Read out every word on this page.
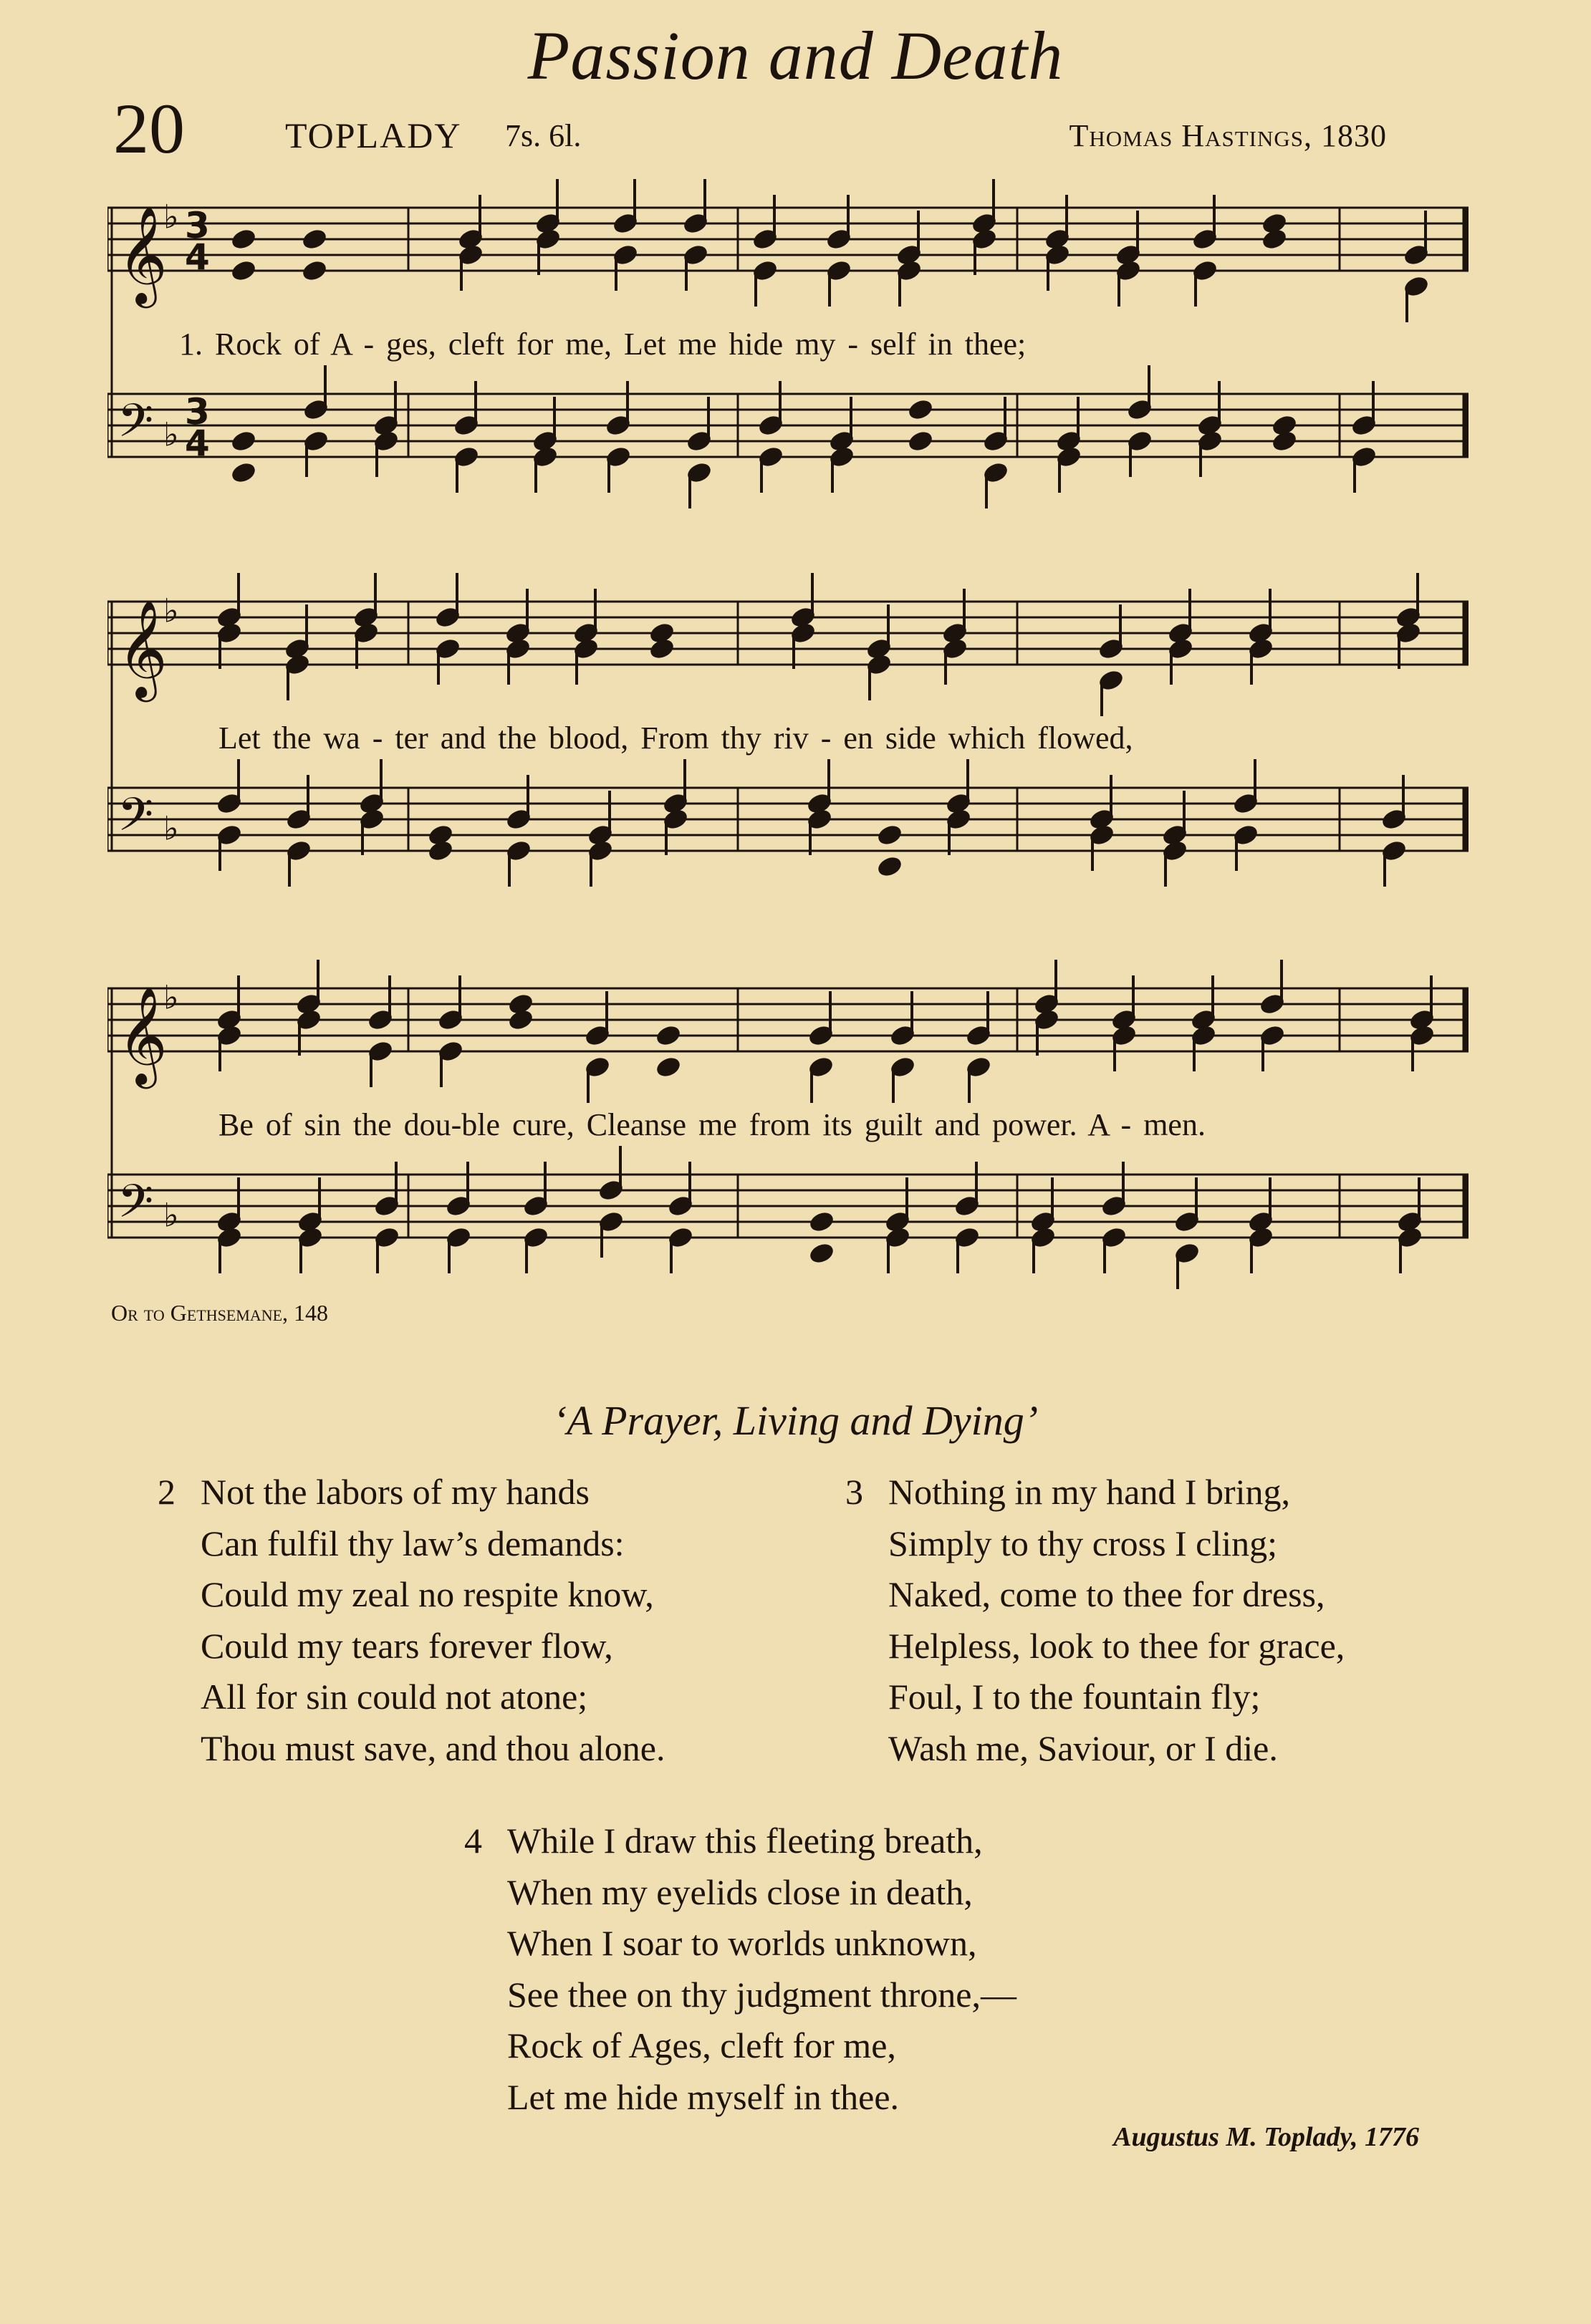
Passion and Death
20	TOPLADY 7s. 6l.	Thomas Hastings, 1830
𝄞
♭ 3
4
𝄢 ♭
3
4
1. Rock of A - ges, cleft for me, Let me hide my - self in thee;
𝄞
♭
𝄢 ♭
Let the wa - ter and the blood, From thy riv - en side which flowed,
𝄞
♭
𝄢 ♭
Be of sin the dou-ble cure, Cleanse me from its guilt and power. A - men.
Or to Gethsemane, 148
‘A Prayer, Living and Dying’
2 Not the labors of my hands
Can fulfil thy law’s demands:
Could my zeal no respite know,
Could my tears forever flow,
All for sin could not atone;
Thou must save, and thou alone.
3 Nothing in my hand I bring,
Simply to thy cross I cling;
Naked, come to thee for dress,
Helpless, look to thee for grace,
Foul, I to the fountain fly;
Wash me, Saviour, or I die.
4 While I draw this fleeting breath,
When my eyelids close in death,
When I soar to worlds unknown,
See thee on thy judgment throne,—
Rock of Ages, cleft for me,
Let me hide myself in thee.
Augustus M. Toplady, 1776
